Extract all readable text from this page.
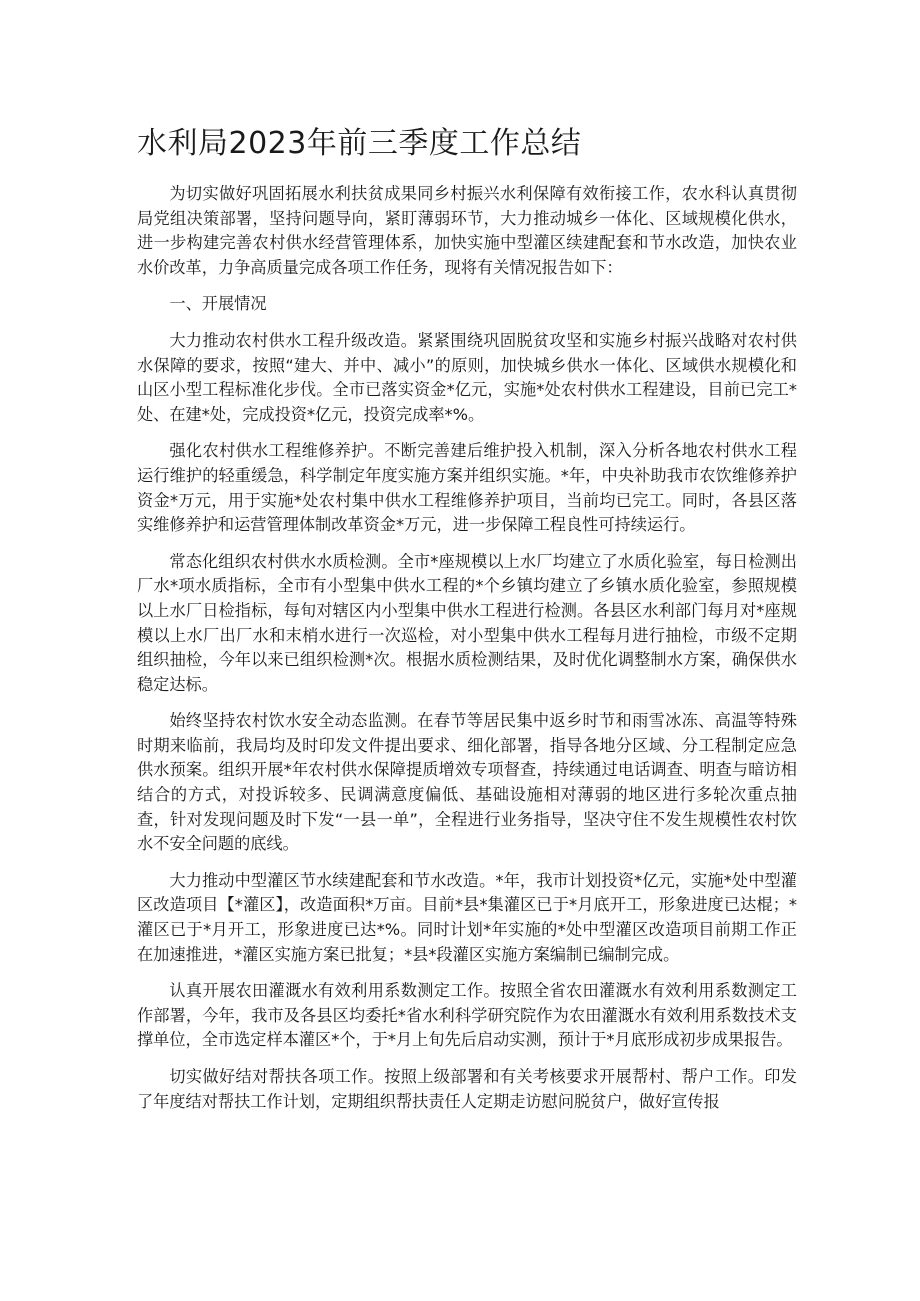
水利局2023年前三季度工作总结

为切实做好巩固拓展水利扶贫成果同乡村振兴水利保障有效衔接工作，农水科认真贯彻局党组决策部署，坚持问题导向，紧盯薄弱环节，大力推动城乡一体化、区域规模化供水，进一步构建完善农村供水经营管理体系，加快实施中型灌区续建配套和节水改造，加快农业水价改革，力争高质量完成各项工作任务，现将有关情况报告如下：

一、开展情况

大力推动农村供水工程升级改造。紧紧围绕巩固脱贫攻坚和实施乡村振兴战略对农村供水保障的要求，按照“建大、并中、减小”的原则，加快城乡供水一体化、区域供水规模化和山区小型工程标准化步伐。全市已落实资金*亿元，实施*处农村供水工程建设，目前已完工*处、在建*处，完成投资*亿元，投资完成率*%。

强化农村供水工程维修养护。不断完善建后维护投入机制，深入分析各地农村供水工程运行维护的轻重缓急，科学制定年度实施方案并组织实施。*年，中央补助我市农饮维修养护资金*万元，用于实施*处农村集中供水工程维修养护项目，当前均已完工。同时，各县区落实维修养护和运营管理体制改革资金*万元，进一步保障工程良性可持续运行。

常态化组织农村供水水质检测。全市*座规模以上水厂均建立了水质化验室，每日检测出厂水*项水质指标，全市有小型集中供水工程的*个乡镇均建立了乡镇水质化验室，参照规模以上水厂日检指标，每旬对辖区内小型集中供水工程进行检测。各县区水利部门每月对*座规模以上水厂出厂水和末梢水进行一次巡检，对小型集中供水工程每月进行抽检，市级不定期组织抽检，今年以来已组织检测*次。根据水质检测结果，及时优化调整制水方案，确保供水稳定达标。

始终坚持农村饮水安全动态监测。在春节等居民集中返乡时节和雨雪冰冻、高温等特殊时期来临前，我局均及时印发文件提出要求、细化部署，指导各地分区域、分工程制定应急供水预案。组织开展*年农村供水保障提质增效专项督查，持续通过电话调查、明查与暗访相结合的方式，对投诉较多、民调满意度偏低、基础设施相对薄弱的地区进行多轮次重点抽查，针对发现问题及时下发“一县一单”，全程进行业务指导，坚决守住不发生规模性农村饮水不安全问题的底线。

大力推动中型灌区节水续建配套和节水改造。*年，我市计划投资*亿元，实施*处中型灌区改造项目【*灌区】，改造面积*万亩。目前*县*集灌区已于*月底开工，形象进度已达棍；*灌区已于*月开工，形象进度已达*%。同时计划*年实施的*处中型灌区改造项目前期工作正在加速推进，*灌区实施方案已批复；*县*段灌区实施方案编制已编制完成。

认真开展农田灌溉水有效利用系数测定工作。按照全省农田灌溉水有效利用系数测定工作部署，今年，我市及各县区均委托*省水利科学研究院作为农田灌溉水有效利用系数技术支撑单位，全市选定样本灌区*个，于*月上旬先后启动实测，预计于*月底形成初步成果报告。

切实做好结对帮扶各项工作。按照上级部署和有关考核要求开展帮村、帮户工作。印发了年度结对帮扶工作计划，定期组织帮扶责任人定期走访慰问脱贫户，做好宣传报
